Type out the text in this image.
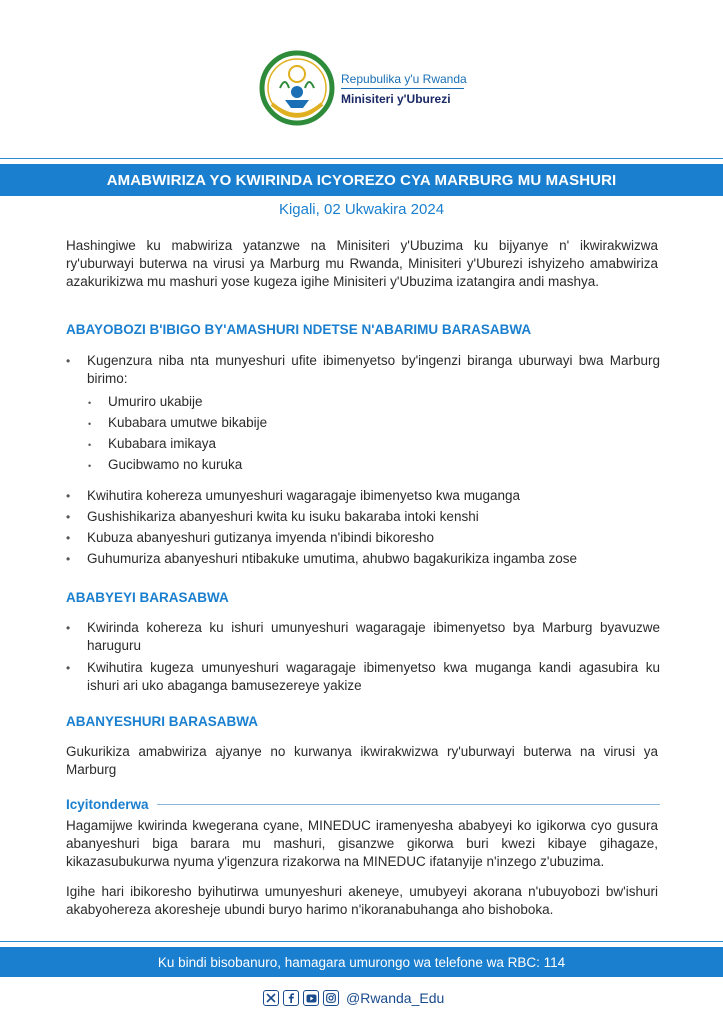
Repubulika y'u Rwanda
Minisiteri y'Uburezi
AMABWIRIZA YO KWIRINDA ICYOREZO CYA MARBURG MU MASHURI
Kigali, 02 Ukwakira 2024

Hashingiwe ku mabwiriza yatanzwe na Minisiteri y'Ubuzima ku bijyanye n' ikwirakwizwa ry'uburwayi buterwa na virusi ya Marburg mu Rwanda, Minisiteri y'Uburezi ishyizeho amabwiriza azakurikizwa mu mashuri yose kugeza igihe Minisiteri y'Ubuzima izatangira andi mashya.

ABAYOBOZI B'IBIGO BY'AMASHURI NDETSE N'ABARIMU BARASABWA
• Kugenzura niba nta munyeshuri ufite ibimenyetso by'ingenzi biranga uburwayi bwa Marburg birimo:
• Umuriro ukabije
• Kubabara umutwe bikabije
• Kubabara imikaya
• Gucibwamo no kuruka
• Kwihutira kohereza umunyeshuri wagaragaje ibimenyetso kwa muganga
• Gushishikariza abanyeshuri kwita ku isuku bakaraba intoki kenshi
• Kubuza abanyeshuri gutizanya imyenda n'ibindi bikoresho
• Guhumuriza abanyeshuri ntibakuke umutima, ahubwo bagakurikiza ingamba zose
ABABYEYI BARASABWA
• Kwirinda kohereza ku ishuri umunyeshuri wagaragaje ibimenyetso bya Marburg byavuzwe haruguru
• Kwihutira kugeza umunyeshuri wagaragaje ibimenyetso kwa muganga kandi agasubira ku ishuri ari uko abaganga bamusezereye yakize
ABANYESHURI BARASABWA

Gukurikiza amabwiriza ajyanye no kurwanya ikwirakwizwa ry'uburwayi buterwa na virusi ya Marburg

Icyitonderwa

Hagamijwe kwirinda kwegerana cyane, MINEDUC iramenyesha ababyeyi ko igikorwa cyo gusura abanyeshuri biga barara mu mashuri, gisanzwe gikorwa buri kwezi kibaye gihagaze, kikazasubukurwa nyuma y'igenzura rizakorwa na MINEDUC ifatanyije n'inzego z'ubuzima.

Igihe hari ibikoresho byihutirwa umunyeshuri akeneye, umubyeyi akorana n'ubuyobozi bw'ishuri akabyohereza akoresheje ubundi buryo harimo n'ikoranabuhanga aho bishoboka.

Ku bindi bisobanuro, hamagara umurongo wa telefone wa RBC: 114
@Rwanda_Edu
